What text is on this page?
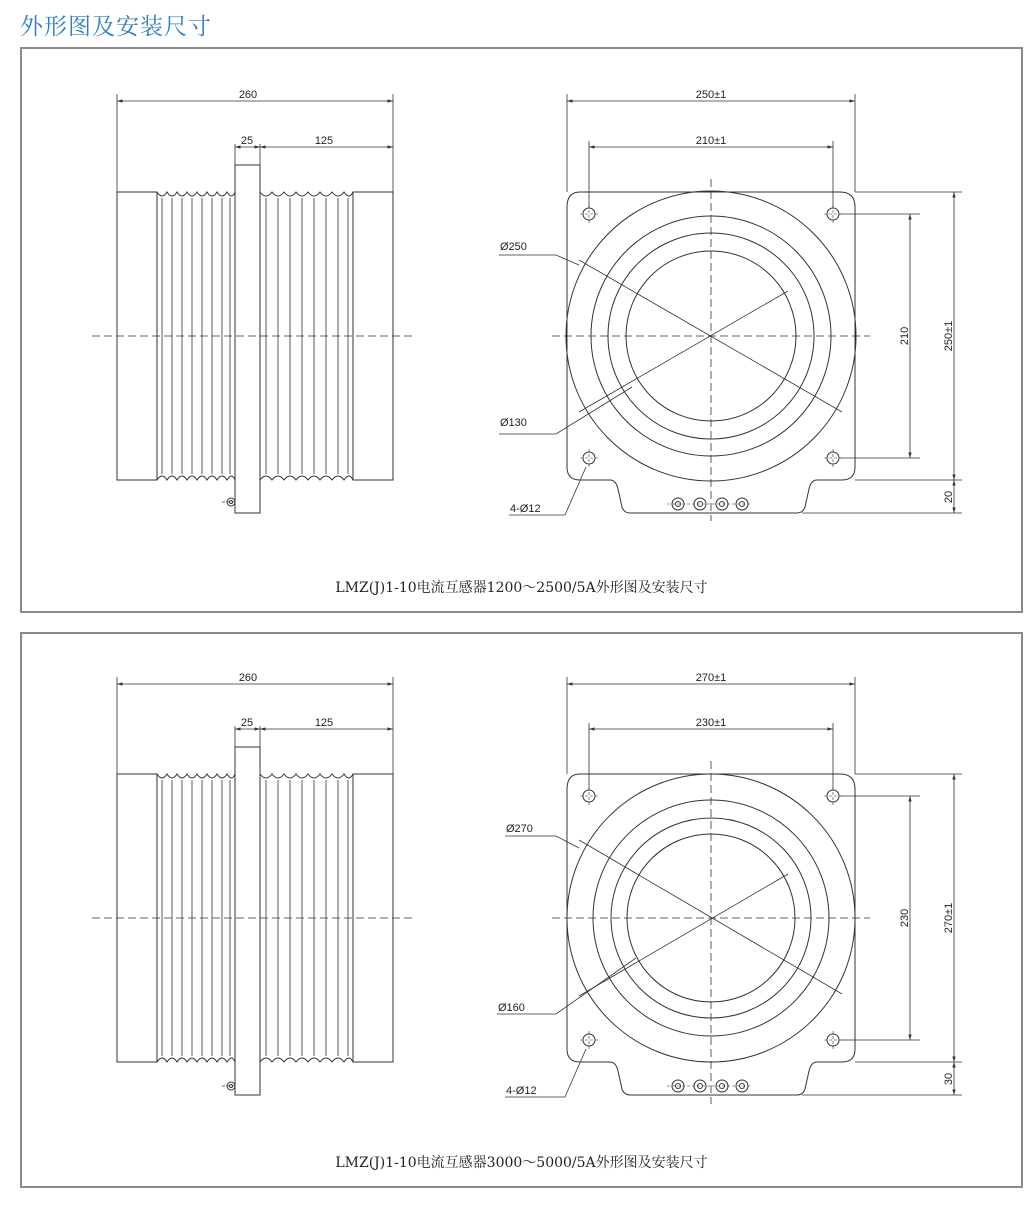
外形图及安装尺寸
260
25	125
250±1
210±1
210	250±1
20
Ø250
Ø130
4-Ø12
LMZ(J)1-10电流互感器1200～2500/5A外形图及安装尺寸
260
25	125
270±1
230±1
230	270±1
30
Ø270
Ø160
4-Ø12
LMZ(J)1-10电流互感器3000～5000/5A外形图及安装尺寸
